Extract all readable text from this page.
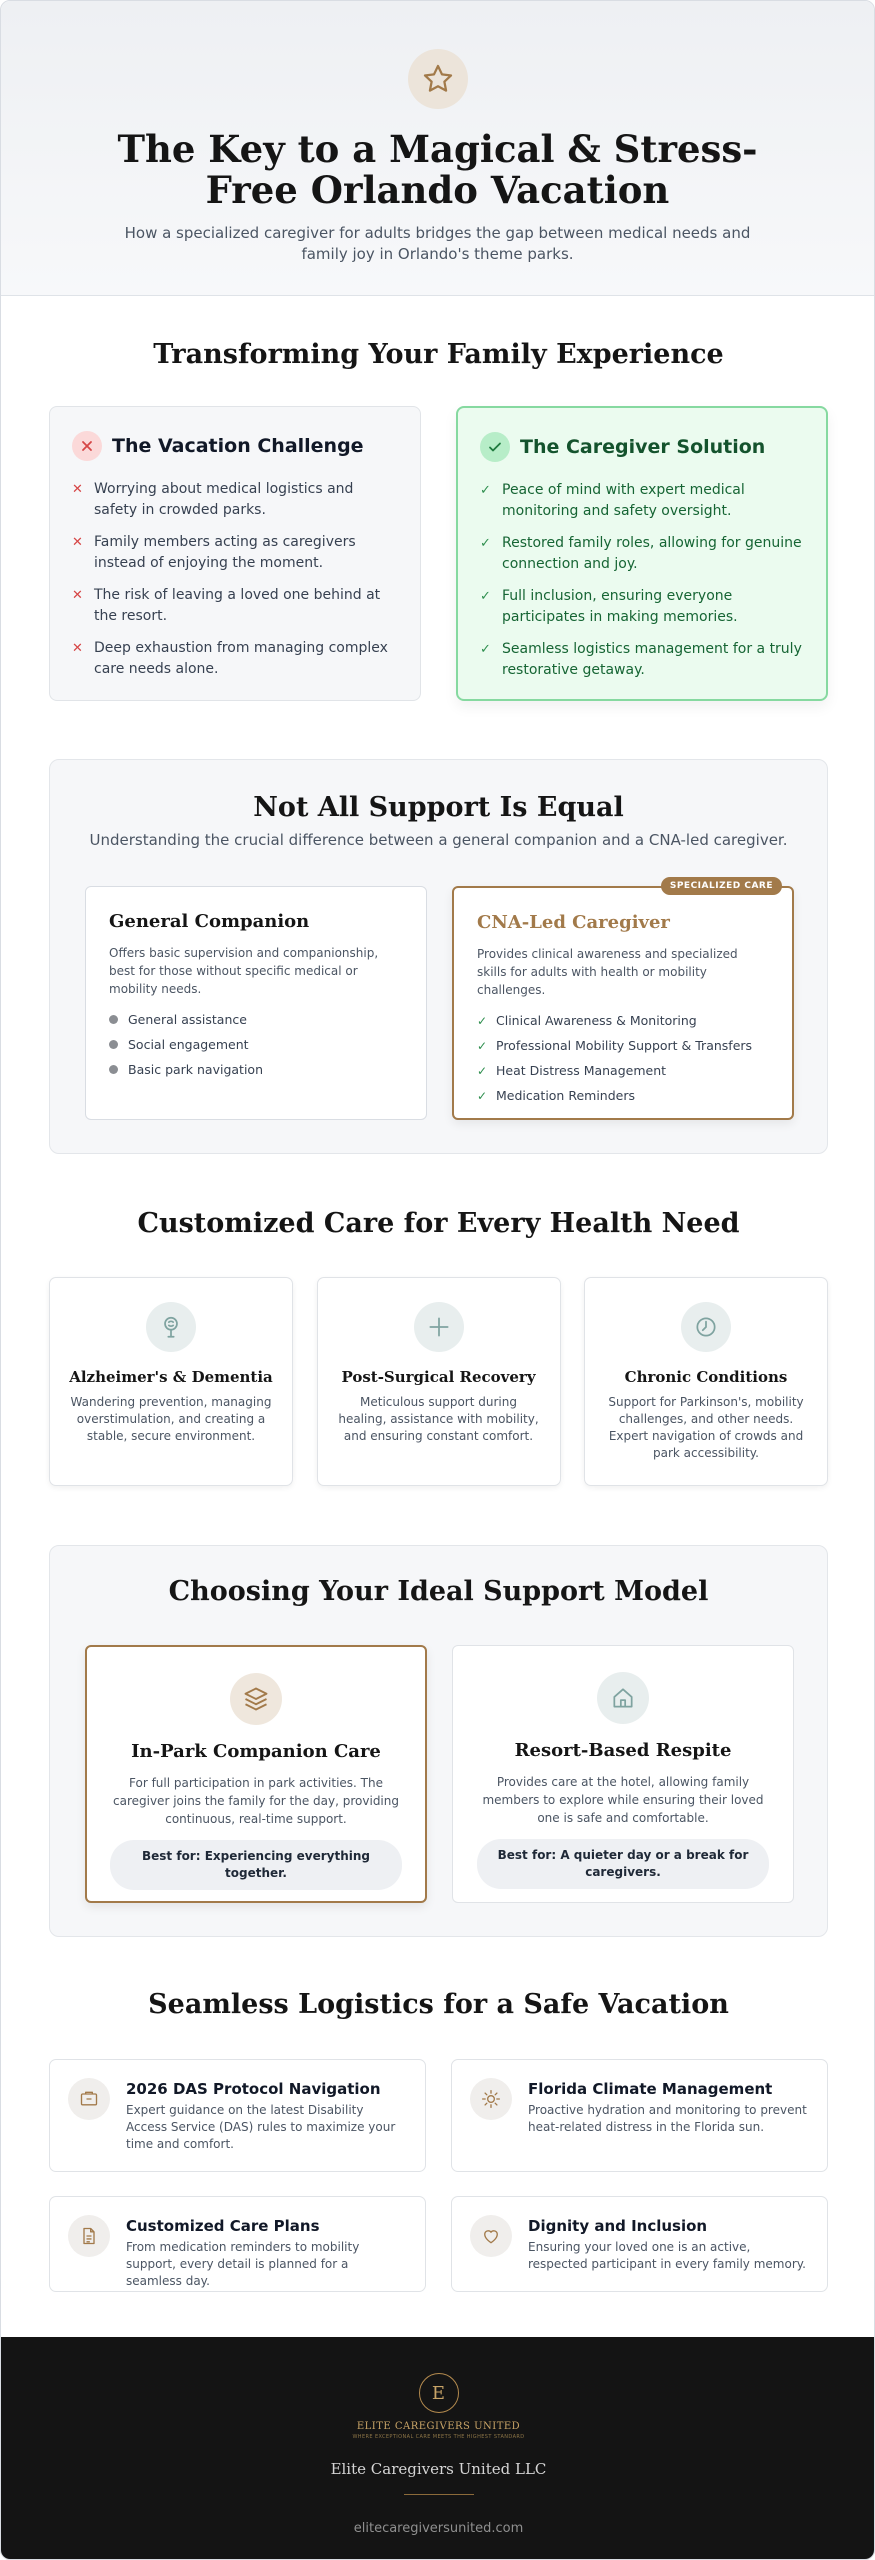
The Key to a Magical & Stress-Free Orlando Vacation

How a specialized caregiver for adults bridges the gap between medical needs and family joy in Orlando's theme parks.

Transforming Your Family Experience
The Vacation Challenge
✕ Worrying about medical logistics and safety in crowded parks.
✕ Family members acting as caregivers instead of enjoying the moment.
✕ The risk of leaving a loved one behind at the resort.
✕ Deep exhaustion from managing complex care needs alone.
The Caregiver Solution
✓ Peace of mind with expert medical monitoring and safety oversight.
✓ Restored family roles, allowing for genuine connection and joy.
✓ Full inclusion, ensuring everyone participates in making memories.
✓ Seamless logistics management for a truly restorative getaway.
Not All Support Is Equal

Understanding the crucial difference between a general companion and a CNA-led caregiver.

General Companion

Offers basic supervision and companionship, best for those without specific medical or mobility needs.

General assistance
Social engagement
Basic park navigation
SPECIALIZED CARE
CNA-Led Caregiver

Provides clinical awareness and specialized skills for adults with health or mobility challenges.

✓ Clinical Awareness & Monitoring
✓ Professional Mobility Support & Transfers
✓ Heat Distress Management
✓ Medication Reminders
Customized Care for Every Health Need
Alzheimer's & Dementia

Wandering prevention, managing overstimulation, and creating a stable, secure environment.

Post-Surgical Recovery

Meticulous support during healing, assistance with mobility, and ensuring constant comfort.

Chronic Conditions

Support for Parkinson's, mobility challenges, and other needs. Expert navigation of crowds and park accessibility.

Choosing Your Ideal Support Model
In-Park Companion Care

For full participation in park activities. The caregiver joins the family for the day, providing continuous, real-time support.

Best for: Experiencing everything together.
Resort-Based Respite

Provides care at the hotel, allowing family members to explore while ensuring their loved one is safe and comfortable.

Best for: A quieter day or a break for caregivers.
Seamless Logistics for a Safe Vacation
2026 DAS Protocol Navigation

Expert guidance on the latest Disability Access Service (DAS) rules to maximize your time and comfort.

Florida Climate Management

Proactive hydration and monitoring to prevent heat-related distress in the Florida sun.

Customized Care Plans

From medication reminders to mobility support, every detail is planned for a seamless day.

Dignity and Inclusion

Ensuring your loved one is an active, respected participant in every family memory.

E
ELITE CAREGIVERS UNITED
WHERE EXCEPTIONAL CARE MEETS THE HIGHEST STANDARD
Elite Caregivers United LLC
elitecaregiversunited.com
